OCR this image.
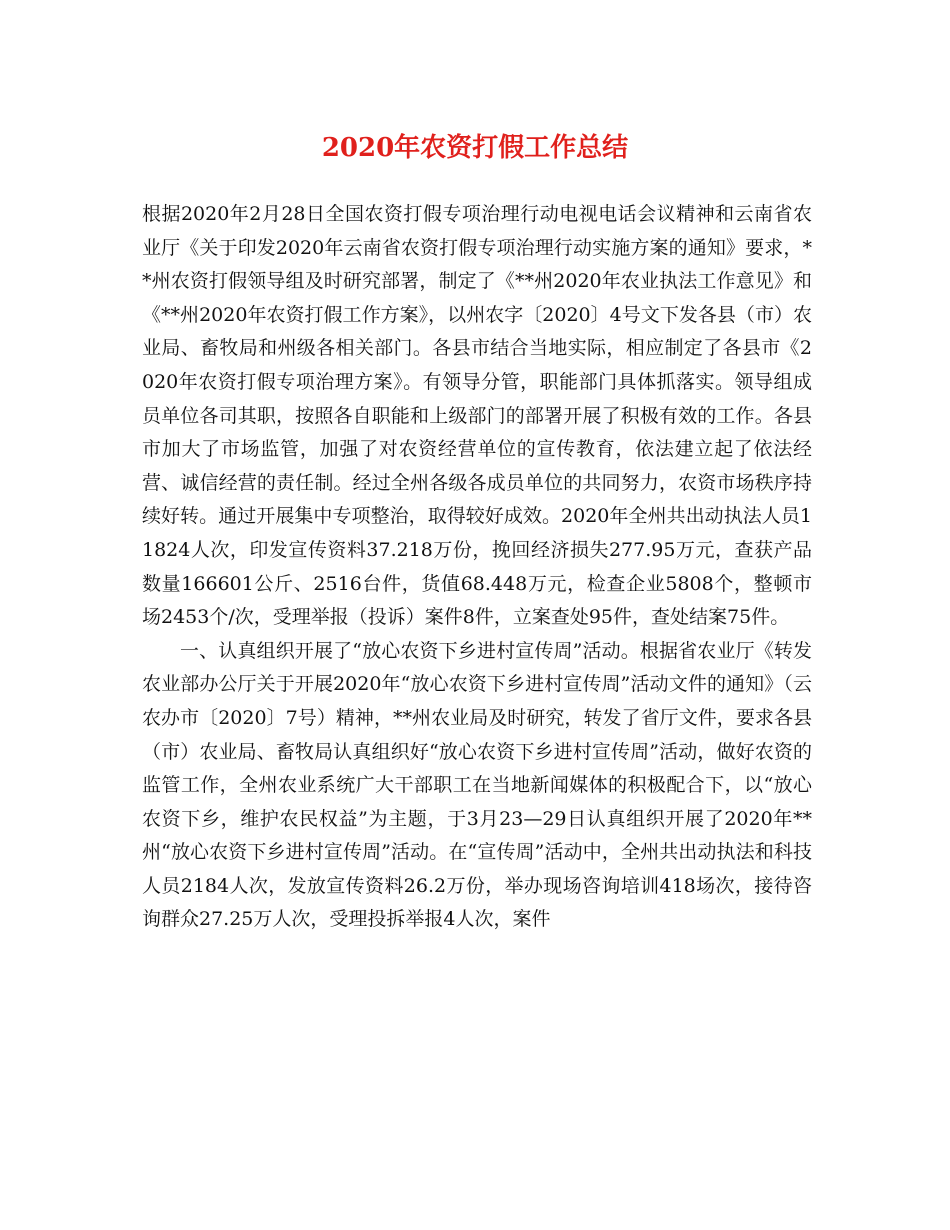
2020年农资打假工作总结

根据2020年2月28日全国农资打假专项治理行动电视电话会议精神和云南省农业厅《关于印发2020年云南省农资打假专项治理行动实施方案的通知》要求，**州农资打假领导组及时研究部署，制定了《**州2020年农业执法工作意见》和《**州2020年农资打假工作方案》，以州农字〔2020〕4号文下发各县（市）农业局、畜牧局和州级各相关部门。各县市结合当地实际，相应制定了各县市《2020年农资打假专项治理方案》。有领导分管，职能部门具体抓落实。领导组成员单位各司其职，按照各自职能和上级部门的部署开展了积极有效的工作。各县市加大了市场监管，加强了对农资经营单位的宣传教育，依法建立起了依法经营、诚信经营的责任制。经过全州各级各成员单位的共同努力，农资市场秩序持续好转。通过开展集中专项整治，取得较好成效。2020年全州共出动执法人员11824人次，印发宣传资料37.218万份，挽回经济损失277.95万元，查获产品数量166601公斤、2516台件，货值68.448万元，检查企业5808个，整顿市场2453个/次，受理举报（投诉）案件8件，立案查处95件，查处结案75件。

一、认真组织开展了“放心农资下乡进村宣传周”活动。根据省农业厅《转发农业部办公厅关于开展2020年“放心农资下乡进村宣传周”活动文件的通知》（云农办市〔2020〕7号）精神，**州农业局及时研究，转发了省厅文件，要求各县（市）农业局、畜牧局认真组织好“放心农资下乡进村宣传周”活动，做好农资的监管工作，全州农业系统广大干部职工在当地新闻媒体的积极配合下，以“放心农资下乡，维护农民权益”为主题，于3月23—29日认真组织开展了2020年**州“放心农资下乡进村宣传周”活动。在“宣传周”活动中，全州共出动执法和科技人员2184人次，发放宣传资料26.2万份，举办现场咨询培训418场次，接待咨询群众27.25万人次，受理投拆举报4人次，案件
